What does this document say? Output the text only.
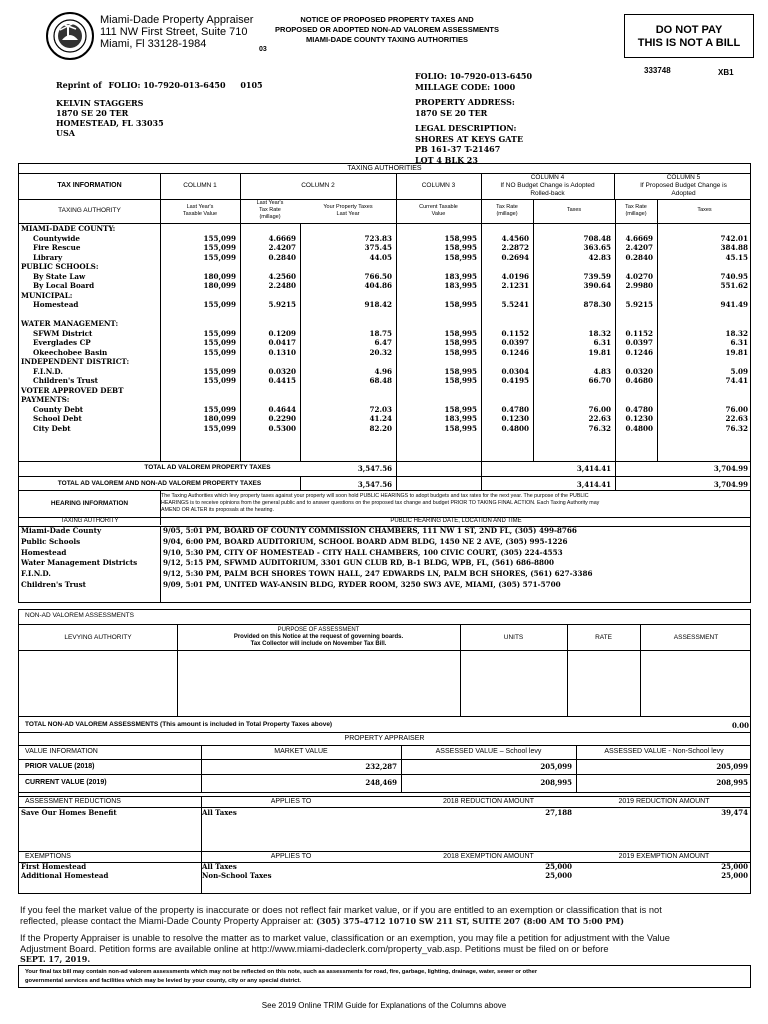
Miami-Dade Property Appraiser
111 NW First Street, Suite 710
Miami, Fl 33128-1984
NOTICE OF PROPOSED PROPERTY TAXES AND
PROPOSED OR ADOPTED NON-AD VALOREM ASSESSMENTS
MIAMI-DADE COUNTY TAXING AUTHORITIES
03
DO NOT PAY
THIS IS NOT A BILL
333748	XB1
Reprint of FOLIO: 10-7920-013-6450 0105
KELVIN STAGGERS
1870 SE 20 TER
HOMESTEAD, FL 33035
USA
FOLIO: 10-7920-013-6450
MILLAGE CODE: 1000
PROPERTY ADDRESS:
1870 SE 20 TER
LEGAL DESCRIPTION:
SHORES AT KEYS GATE
PB 161-37 T-21467
LOT 4 BLK 23
TAXING AUTHORITIES
TAX INFORMATION	COLUMN 1	COLUMN 2	COLUMN 3
COLUMN 4
If NO Budget Change is Adopted
Rolled-back
COLUMN 5
If Proposed Budget Change is
Adopted
TAXING AUTHORITY	Last Year's
Taxable Value
Last Year's
Tax Rate
(millage)
Your Property Taxes
Last Year
Current Taxable
Value
Tax Rate
(millage)
Taxes	Tax Rate
(millage)
Taxes
MIAMI-DADE COUNTY:
Countywide	155,099	4.6669	723.83	158,995	4.4560	708.48	4.6669	742.01
Fire Rescue	155,099	2.4207	375.45	158,995	2.2872	363.65	2.4207	384.88
Library	155,099	0.2840	44.05	158,995	0.2694	42.83	0.2840	45.15
PUBLIC SCHOOLS:
By State Law	180,099	4.2560	766.50	183,995	4.0196	739.59	4.0270	740.95
By Local Board	180,099	2.2480	404.86	183,995	2.1231	390.64	2.9980	551.62
MUNICIPAL:
Homestead	155,099	5.9215	918.42	158,995	5.5241	878.30	5.9215	941.49
WATER MANAGEMENT:
SFWM District	155,099	0.1209	18.75	158,995	0.1152	18.32	0.1152	18.32
Everglades CP	155,099	0.0417	6.47	158,995	0.0397	6.31	0.0397	6.31
Okeechobee Basin	155,099	0.1310	20.32	158,995	0.1246	19.81	0.1246	19.81
INDEPENDENT DISTRICT:
F.I.N.D.	155,099	0.0320	4.96	158,995	0.0304	4.83	0.0320	5.09
Children's Trust	155,099	0.4415	68.48	158,995	0.4195	66.70	0.4680	74.41
VOTER APPROVED DEBT
PAYMENTS:
County Debt	155,099	0.4644	72.03	158,995	0.4780	76.00	0.4780	76.00
School Debt	180,099	0.2290	41.24	183,995	0.1230	22.63	0.1230	22.63
City Debt	155,099	0.5300	82.20	158,995	0.4800	76.32	0.4800	76.32
TOTAL AD VALOREM PROPERTY TAXES	3,547.56	3,414.41	3,704.99
TOTAL AD VALOREM AND NON-AD VALOREM PROPERTY TAXES	3,547.56	3,414.41	3,704.99
HEARING INFORMATION
The Taxing Authorities which levy property taxes against your property will soon hold PUBLIC HEARINGS to adopt budgets and tax rates for the next year. The purpose of the PUBLIC
HEARINGS is to receive opinions from the general public and to answer questions on the proposed tax change and budget PRIOR TO TAKING FINAL ACTION. Each Taxing Authority may
AMEND OR ALTER its proposals at the hearing.
TAXING AUTHORITY	PUBLIC HEARING DATE, LOCATION AND TIME
Miami-Dade County	9/05, 5:01 PM, BOARD OF COUNTY COMMISSION CHAMBERS, 111 NW 1 ST, 2ND FL, (305) 499-8766
Public Schools	9/04, 6:00 PM, BOARD AUDITORIUM, SCHOOL BOARD ADM BLDG, 1450 NE 2 AVE, (305) 995-1226
Homestead	9/10, 5:30 PM, CITY OF HOMESTEAD - CITY HALL CHAMBERS, 100 CIVIC COURT, (305) 224-4553
Water Management Districts	9/12, 5:15 PM, SFWMD AUDITORIUM, 3301 GUN CLUB RD, B-1 BLDG, WPB, FL, (561) 686-8800
F.I.N.D.	9/12, 5:30 PM, PALM BCH SHORES TOWN HALL, 247 EDWARDS LN, PALM BCH SHORES, (561) 627-3386
Children's Trust	9/09, 5:01 PM, UNITED WAY-ANSIN BLDG, RYDER ROOM, 3250 SW3 AVE, MIAMI, (305) 571-5700
NON-AD VALOREM ASSESSMENTS
LEVYING AUTHORITY
PURPOSE OF ASSESSMENT
Provided on this Notice at the request of governing boards.
Tax Collector will include on November Tax Bill.
UNITS	RATE	ASSESSMENT
TOTAL NON-AD VALOREM ASSESSMENTS (This amount is included in Total Property Taxes above)	0.00
PROPERTY APPRAISER
VALUE INFORMATION	MARKET VALUE	ASSESSED VALUE – School levy	ASSESSED VALUE - Non-School levy
PRIOR VALUE (2018)	232,287	205,099	205,099
CURRENT VALUE (2019)	248,469	208,995	208,995
ASSESSMENT REDUCTIONS	APPLIES TO	2018 REDUCTION AMOUNT	2019 REDUCTION AMOUNT
Save Our Homes Benefit	All Taxes	27,188	39,474
EXEMPTIONS	APPLIES TO	2018 EXEMPTION AMOUNT	2019 EXEMPTION AMOUNT
First Homestead	All Taxes	25,000	25,000
Additional Homestead	Non-School Taxes	25,000	25,000
If you feel the market value of the property is inaccurate or does not reflect fair market value, or if you are entitled to an exemption or classification that is not
reflected, please contact the Miami-Dade County Property Appraiser at: (305) 375-4712 10710 SW 211 ST, SUITE 207 (8:00 AM TO 5:00 PM)
If the Property Appraiser is unable to resolve the matter as to market value, classification or an exemption, you may file a petition for adjustment with the Value
Adjustment Board. Petition forms are available online at http://www.miami-dadeclerk.com/property_vab.asp. Petitions must be filed on or before
SEPT. 17, 2019.
Your final tax bill may contain non-ad valorem assessments which may not be reflected on this note, such as assessments for road, fire, garbage, lighting, drainage, water, sewer or other
governmental services and facilities which may be levied by your county, city or any special district.
See 2019 Online TRIM Guide for Explanations of the Columns above
